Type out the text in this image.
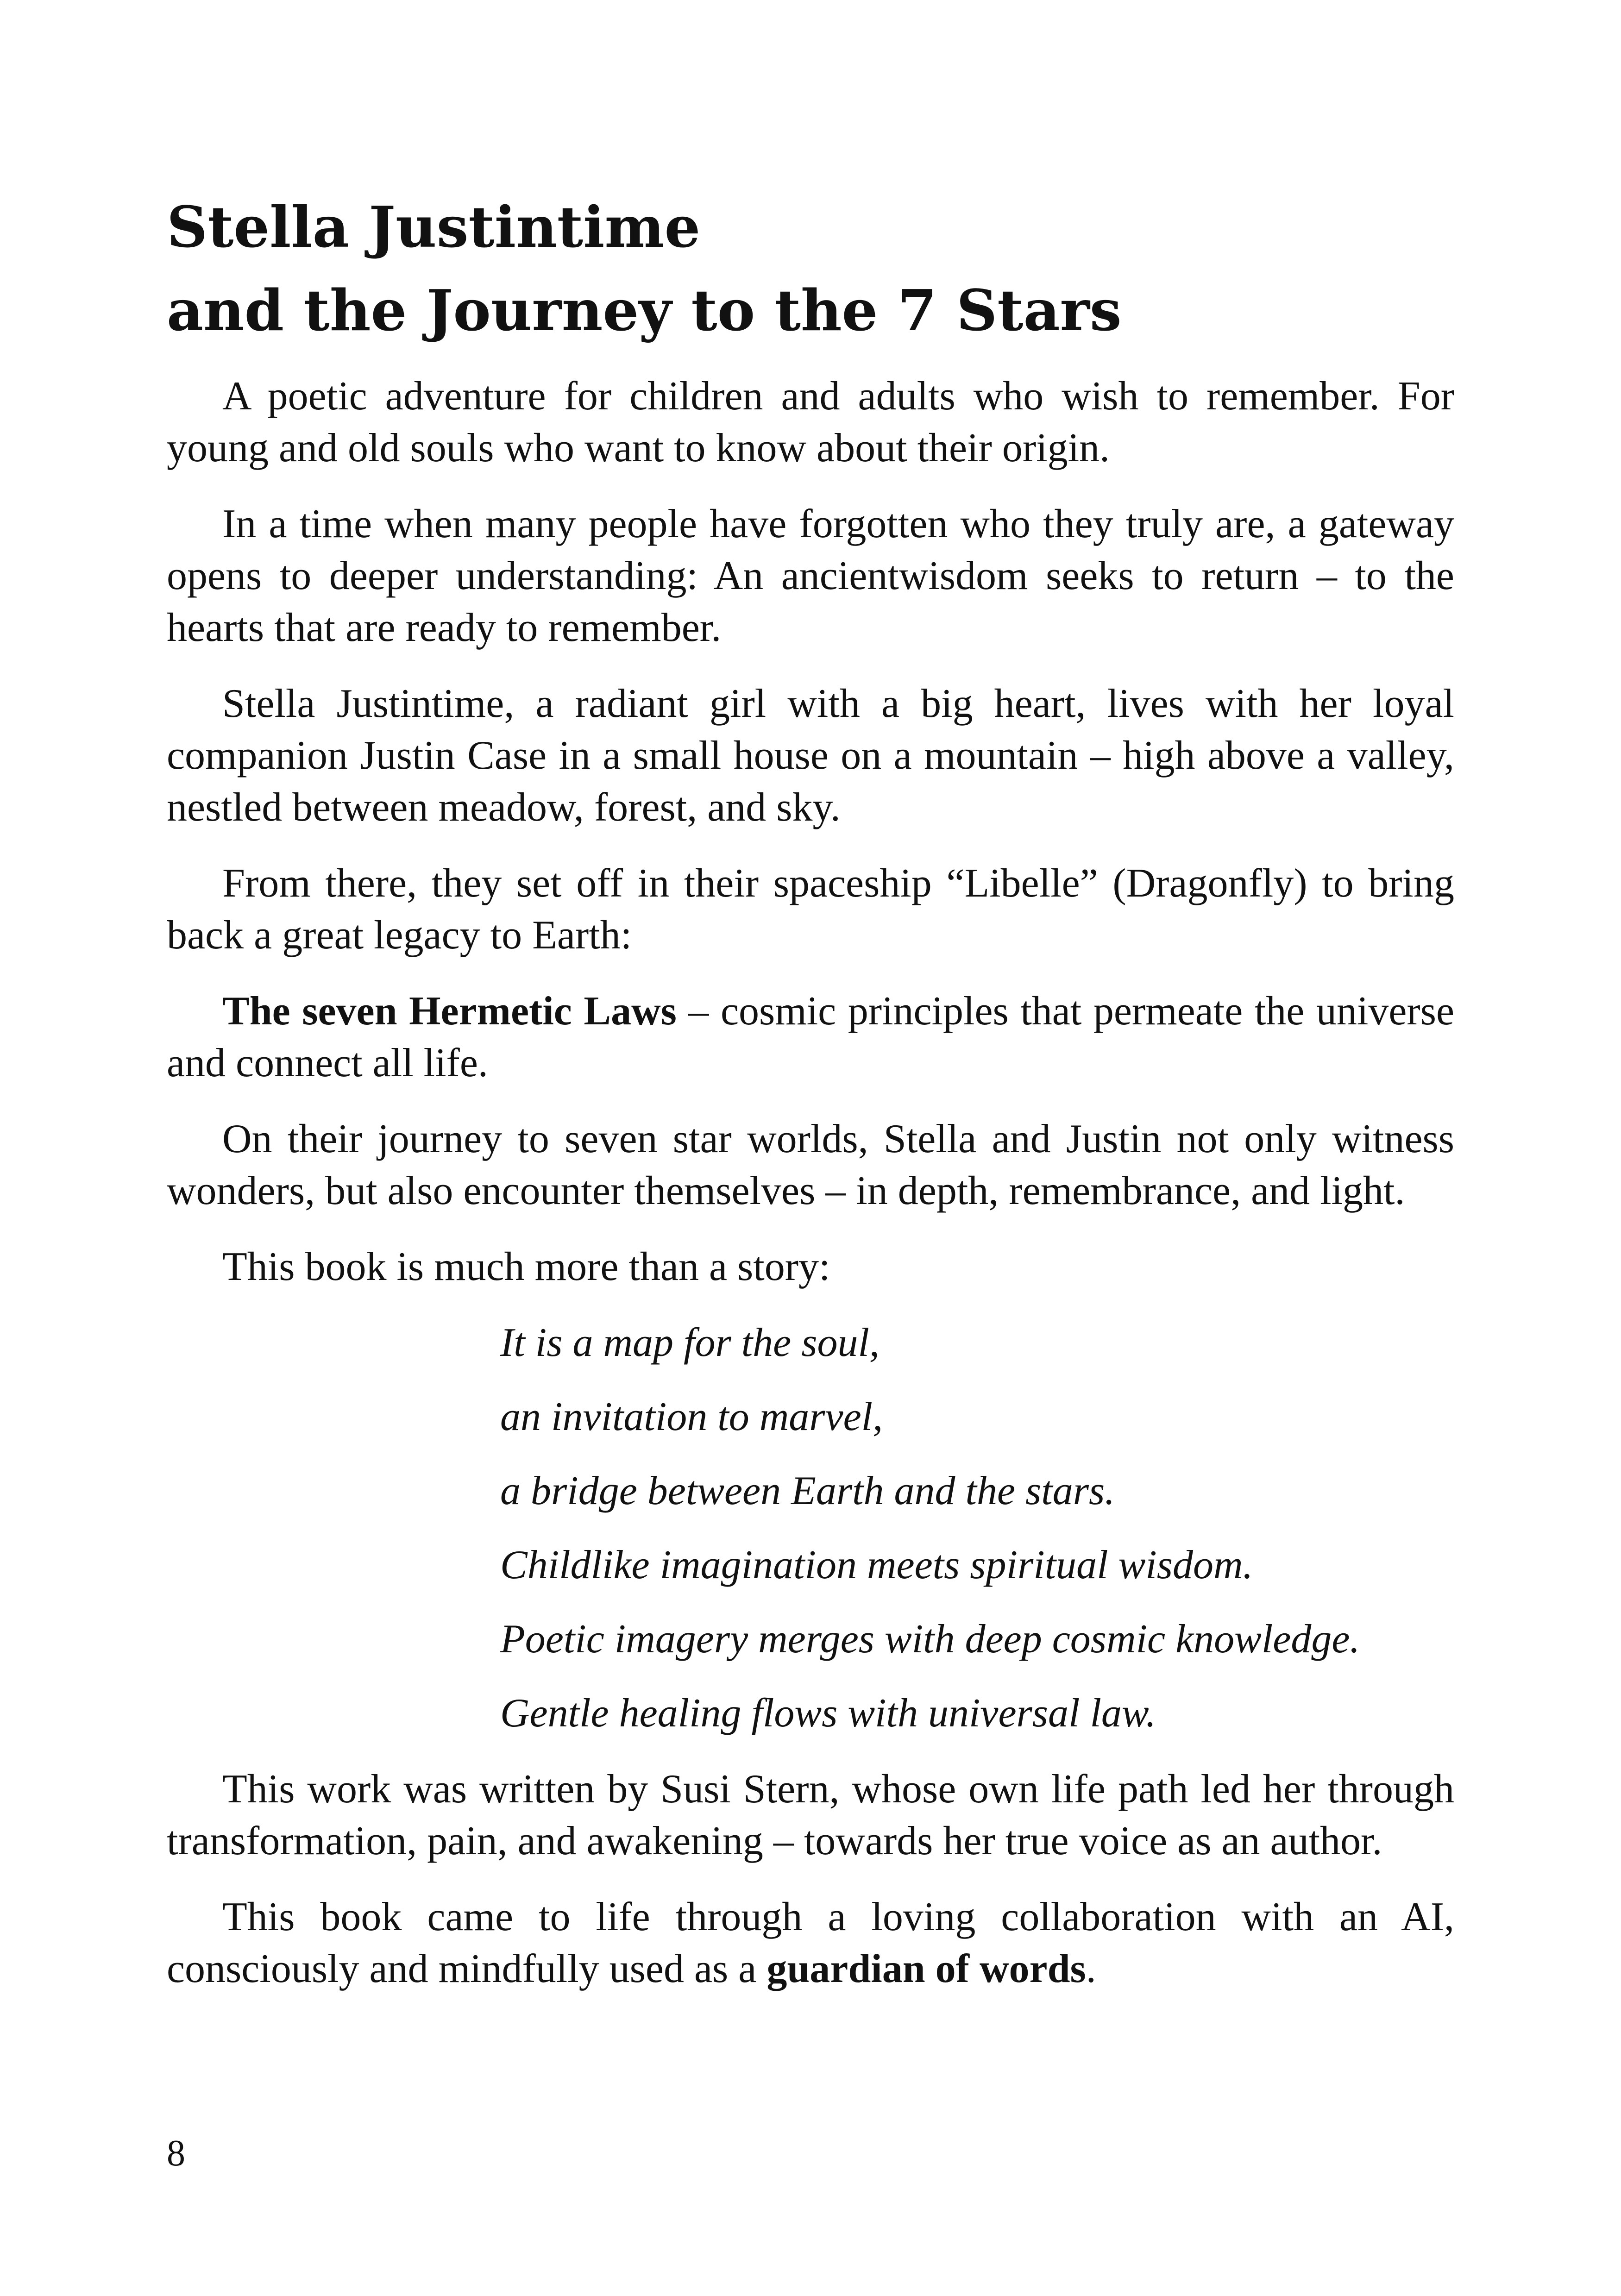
Stella Justintime
and the Journey to the 7 Stars

A poetic adventure for children and adults who wish to remember. For young and old souls who want to know about their origin.

In a time when many people have forgotten who they truly are, a gateway opens to deeper understanding: An ancientwisdom seeks to return – to the hearts that are ready to remember.

Stella Justintime, a radiant girl with a big heart, lives with her loyal companion Justin Case in a small house on a mountain – high above a valley, nestled between meadow, forest, and sky.

From there, they set off in their spaceship “Libelle” (Dragonfly) to bring back a great legacy to Earth:

The seven Hermetic Laws – cosmic principles that permeate the universe and connect all life.

On their journey to seven star worlds, Stella and Justin not only witness wonders, but also encounter themselves – in depth, remembrance, and light.

This book is much more than a story:

It is a map for the soul,
an invitation to marvel,
a bridge between Earth and the stars.
Childlike imagination meets spiritual wisdom.
Poetic imagery merges with deep cosmic knowledge.
Gentle healing flows with universal law.

This work was written by Susi Stern, whose own life path led her through transformation, pain, and awakening – towards her true voice as an author.

This book came to life through a loving collaboration with an AI, consciously and mindfully used as a guardian of words.

8
